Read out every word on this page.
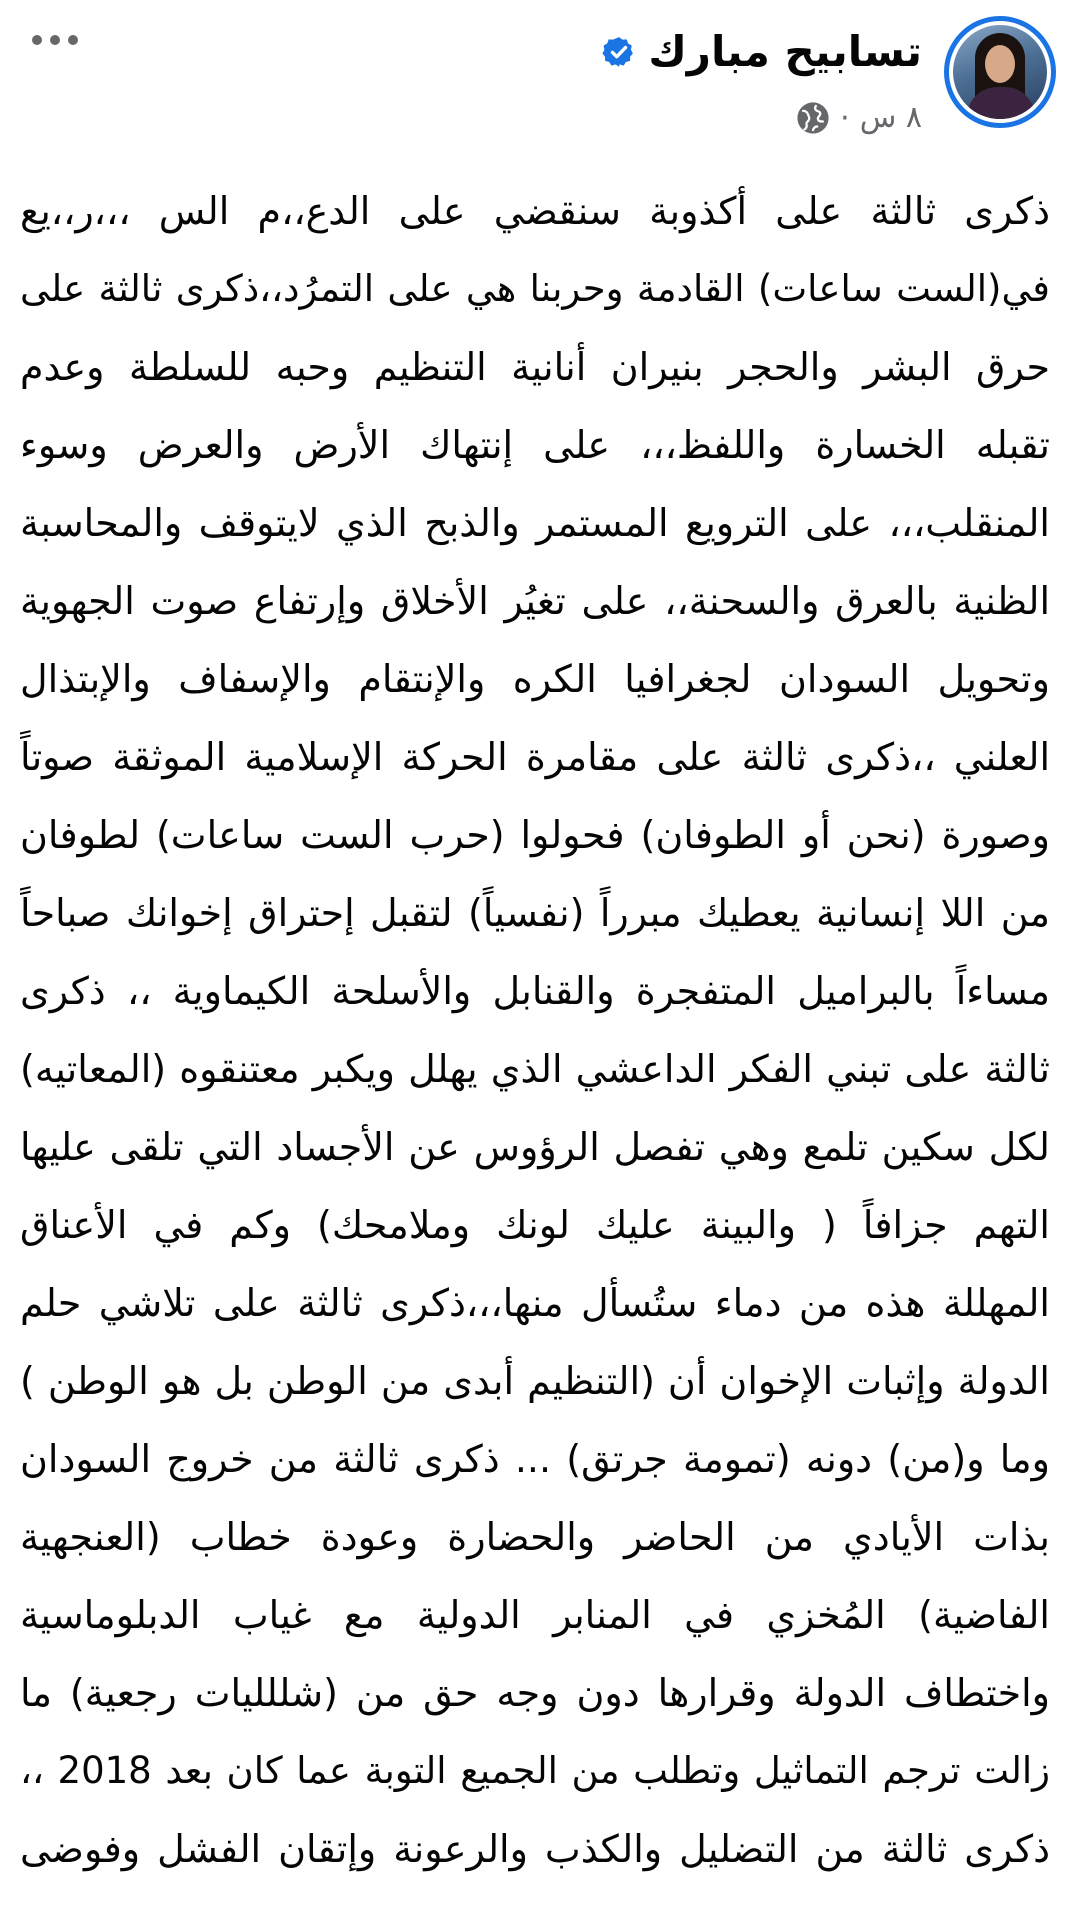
تسابيح مبارك
٨ س
·
ذكرى ثالثة على أكذوبة سنقضي على الدع،،م الس ،،،ر،،يع
في(الست ساعات) القادمة وحربنا هي على التمرُد،،ذكرى ثالثة على
حرق البشر والحجر بنيران أنانية التنظيم وحبه للسلطة وعدم
تقبله الخسارة واللفظ،،، على إنتهاك الأرض والعرض وسوء
المنقلب،،، على الترويع المستمر والذبح الذي لايتوقف والمحاسبة
الظنية بالعرق والسحنة،، على تغيُر الأخلاق وإرتفاع صوت الجهوية
وتحويل السودان لجغرافيا الكره والإنتقام والإسفاف والإبتذال
العلني ،،ذكرى ثالثة على مقامرة الحركة الإسلامية الموثقة صوتاً
وصورة (نحن أو الطوفان) فحولوا (حرب الست ساعات) لطوفان
من اللا إنسانية يعطيك مبرراً (نفسياً) لتقبل إحتراق إخوانك صباحاً
مساءاً بالبراميل المتفجرة والقنابل والأسلحة الكيماوية ،، ذكرى
ثالثة على تبني الفكر الداعشي الذي يهلل ويكبر معتنقوه (المعاتيه)
لكل سكين تلمع وهي تفصل الرؤوس عن الأجساد التي تلقى عليها
التهم جزافاً ( والبينة عليك لونك وملامحك) وكم في الأعناق
المهللة هذه من دماء ستُسأل منها،،،ذكرى ثالثة على تلاشي حلم
الدولة وإثبات الإخوان أن (التنظيم أبدى من الوطن بل هو الوطن )
وما و(من) دونه (تمومة جرتق) ... ذكرى ثالثة من خروج السودان
بذات الأيادي من الحاضر والحضارة وعودة خطاب (العنجهية
الفاضية) المُخزي في المنابر الدولية مع غياب الدبلوماسية
واختطاف الدولة وقرارها دون وجه حق من (شللليات رجعية) ما
زالت ترجم التماثيل وتطلب من الجميع التوبة عما كان بعد 2018 ،،
ذكرى ثالثة من التضليل والكذب والرعونة وإتقان الفشل وفوضى
